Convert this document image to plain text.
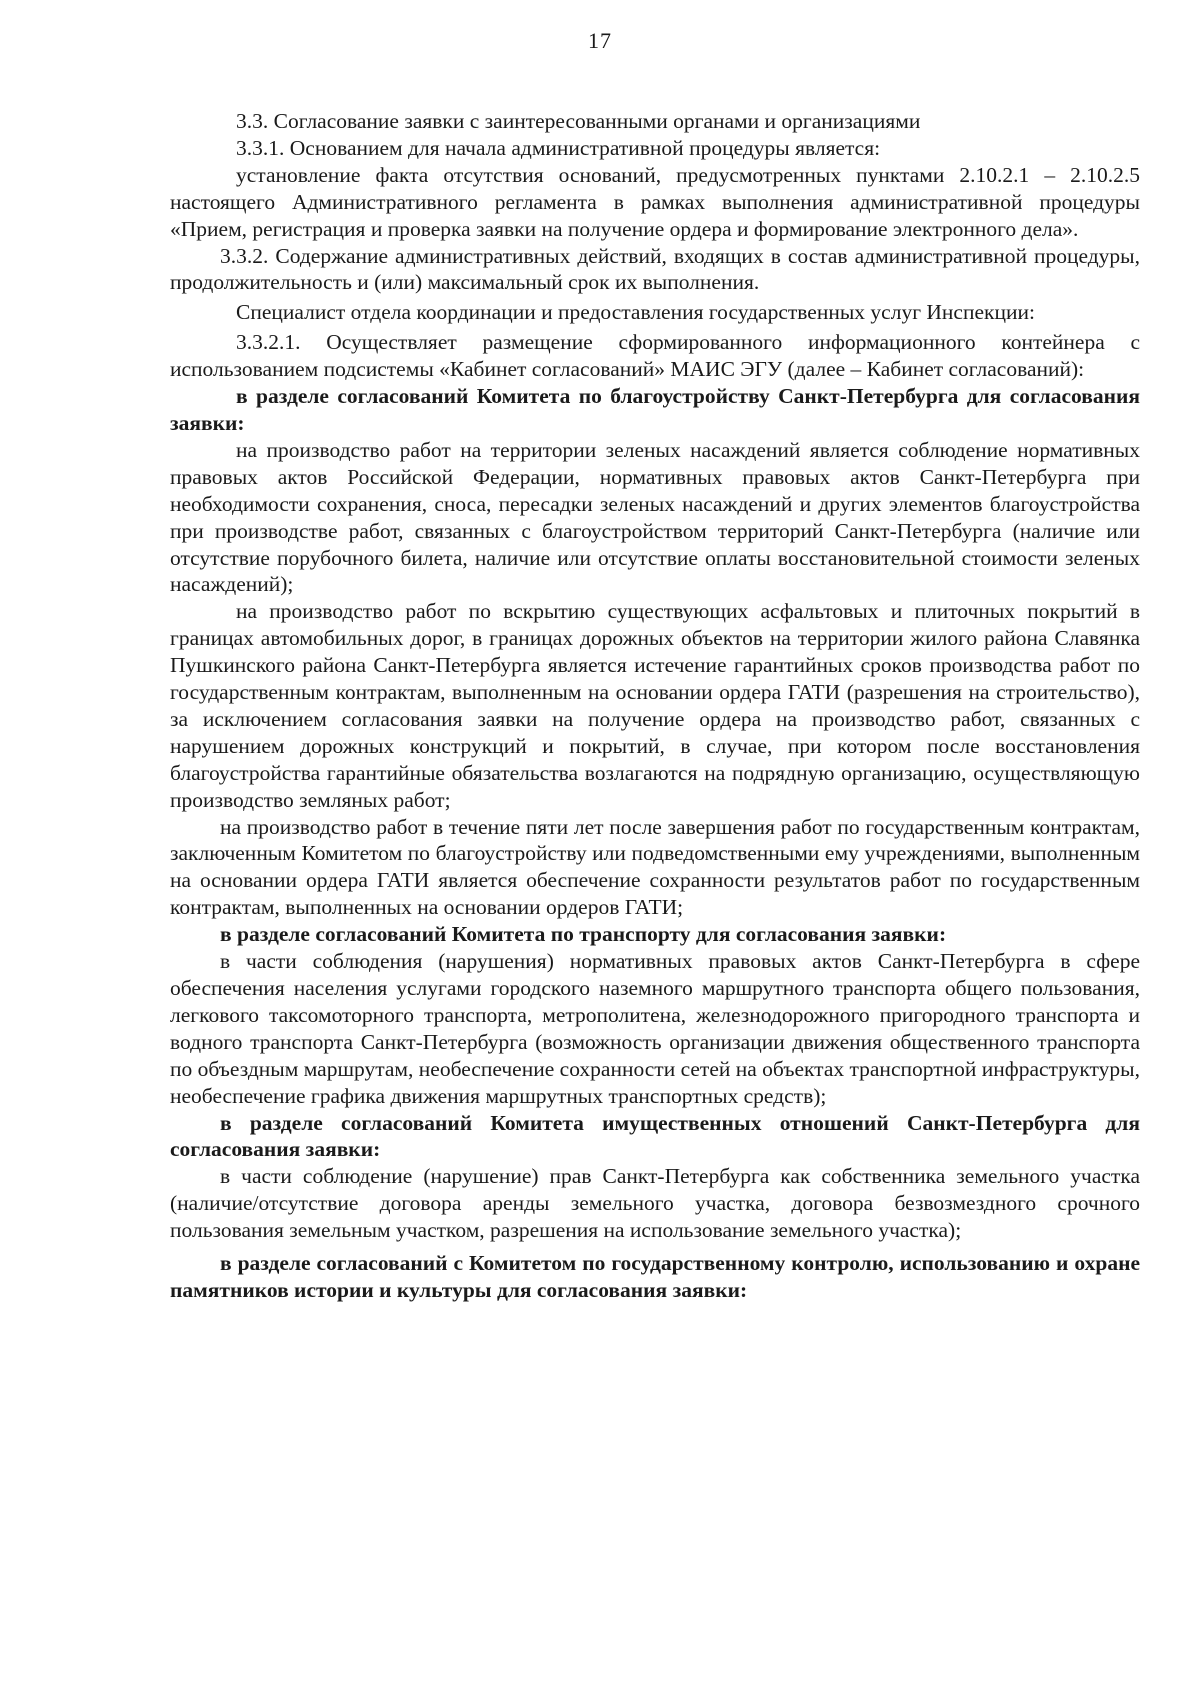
17

3.3. Согласование заявки с заинтересованными органами и организациями

3.3.1. Основанием для начала административной процедуры является:

установление факта отсутствия оснований, предусмотренных пунктами 2.10.2.1 – 2.10.2.5 настоящего Административного регламента в рамках выполнения административной процедуры «Прием, регистрация и проверка заявки на получение ордера и формирование электронного дела».

3.3.2. Содержание административных действий, входящих в состав административной процедуры, продолжительность и (или) максимальный срок их выполнения.

Специалист отдела координации и предоставления государственных услуг Инспекции:

3.3.2.1. Осуществляет размещение сформированного информационного контейнера с использованием подсистемы «Кабинет согласований» МАИС ЭГУ (далее – Кабинет согласований):

в разделе согласований Комитета по благоустройству Санкт-Петербурга для согласования заявки:

на производство работ на территории зеленых насаждений является соблюдение нормативных правовых актов Российской Федерации, нормативных правовых актов Санкт-Петербурга при необходимости сохранения, сноса, пересадки зеленых насаждений и других элементов благоустройства при производстве работ, связанных с благоустройством территорий Санкт-Петербурга (наличие или отсутствие порубочного билета, наличие или отсутствие оплаты восстановительной стоимости зеленых насаждений);

на производство работ по вскрытию существующих асфальтовых и плиточных покрытий в границах автомобильных дорог, в границах дорожных объектов на территории жилого района Славянка Пушкинского района Санкт-Петербурга является истечение гарантийных сроков производства работ по государственным контрактам, выполненным на основании ордера ГАТИ (разрешения на строительство), за исключением согласования заявки на получение ордера на производство работ, связанных с нарушением дорожных конструкций и покрытий, в случае, при котором после восстановления благоустройства гарантийные обязательства возлагаются на подрядную организацию, осуществляющую производство земляных работ;

на производство работ в течение пяти лет после завершения работ по государственным контрактам, заключенным Комитетом по благоустройству или подведомственными ему учреждениями, выполненным на основании ордера ГАТИ является обеспечение сохранности результатов работ по государственным контрактам, выполненных на основании ордеров ГАТИ;

в разделе согласований Комитета по транспорту для согласования заявки:

в части соблюдения (нарушения) нормативных правовых актов Санкт-Петербурга в сфере обеспечения населения услугами городского наземного маршрутного транспорта общего пользования, легкового таксомоторного транспорта, метрополитена, железнодорожного пригородного транспорта и водного транспорта Санкт-Петербурга (возможность организации движения общественного транспорта по объездным маршрутам, необеспечение сохранности сетей на объектах транспортной инфраструктуры, необеспечение графика движения маршрутных транспортных средств);

в разделе согласований Комитета имущественных отношений Санкт-Петербурга для согласования заявки:

в части соблюдение (нарушение) прав Санкт-Петербурга как собственника земельного участка (наличие/отсутствие договора аренды земельного участка, договора безвозмездного срочного пользования земельным участком, разрешения на использование земельного участка);

в разделе согласований с Комитетом по государственному контролю, использованию и охране памятников истории и культуры для согласования заявки:
